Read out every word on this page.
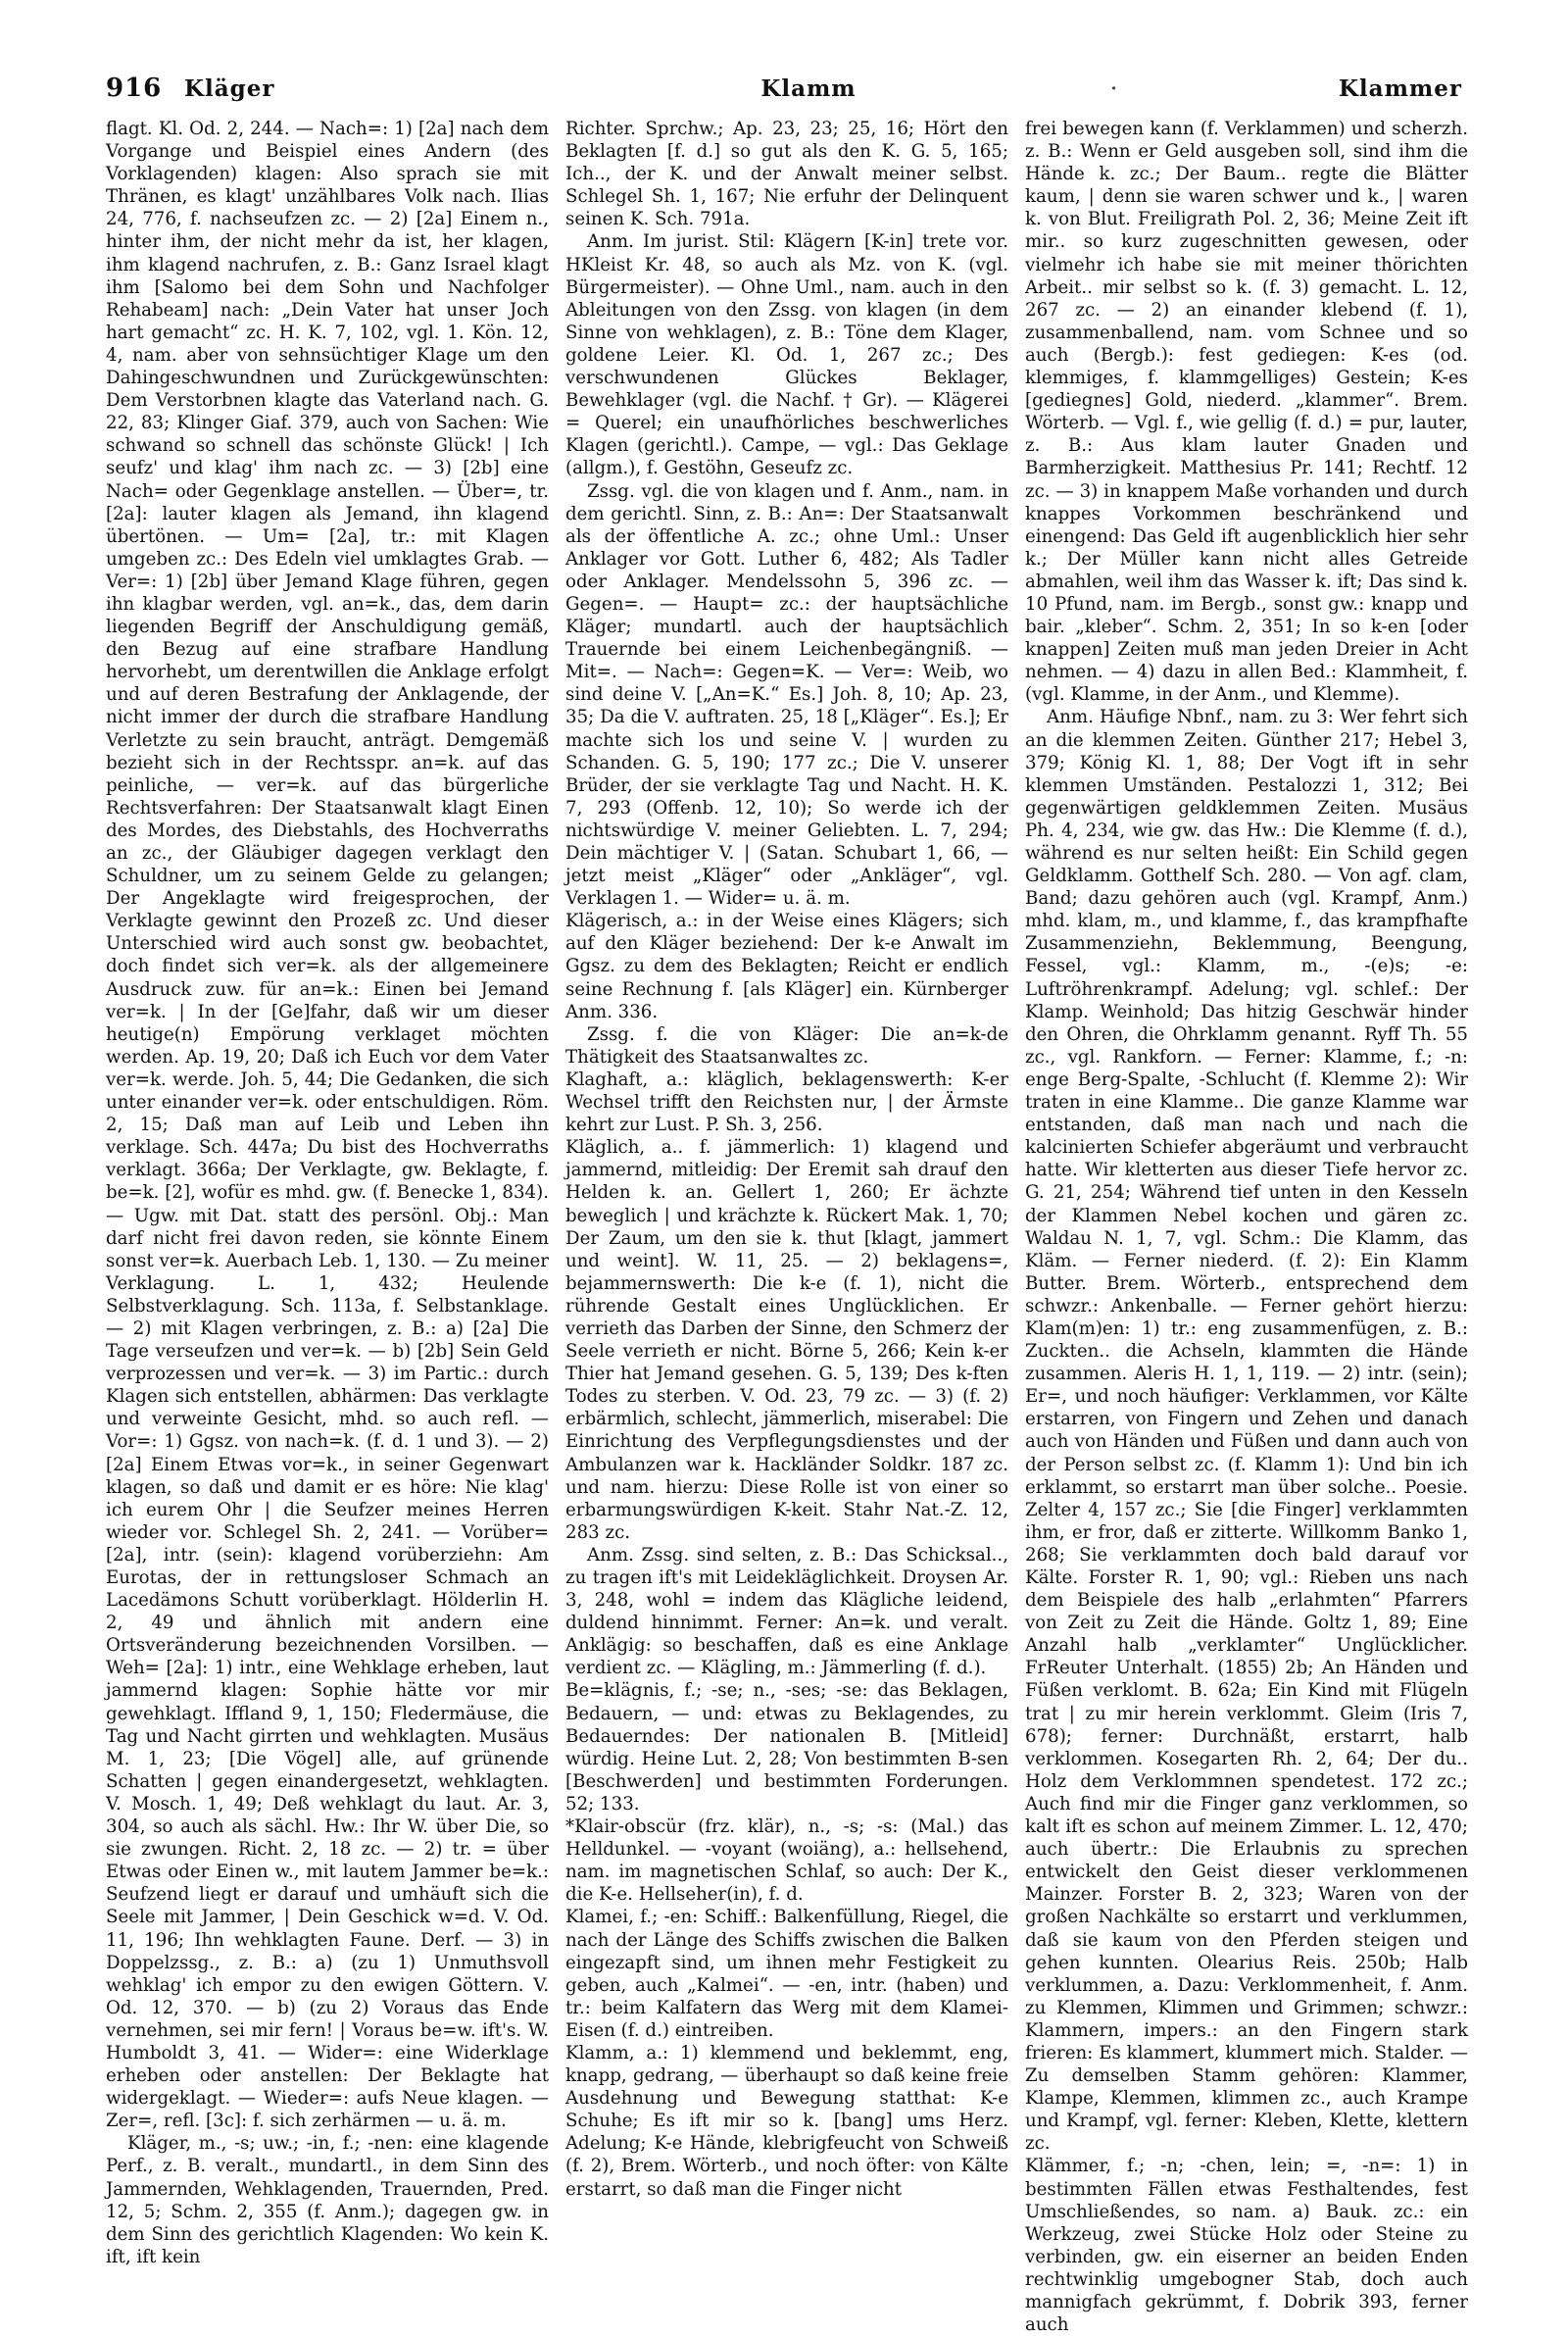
916 Kläger	Klamm	·	Klammer

flagt. Kl. Od. 2, 244. — Nach=: 1) [2a] nach dem Vorgange und Beispiel eines Andern (des Vorklagenden) klagen: Also sprach sie mit Thränen, es klagt' unzählbares Volk nach. Ilias 24, 776, f. nachseufzen zc. — 2) [2a] Einem n., hinter ihm, der nicht mehr da ist, her klagen, ihm klagend nachrufen, z. B.: Ganz Israel klagt ihm [Salomo bei dem Sohn und Nachfolger Rehabeam] nach: „Dein Vater hat unser Joch hart gemacht“ zc. H. K. 7, 102, vgl. 1. Kön. 12, 4, nam. aber von sehnsüchtiger Klage um den Dahingeschwundnen und Zurückgewünschten: Dem Verstorbnen klagte das Vaterland nach. G. 22, 83; Klinger Giaf. 379, auch von Sachen: Wie schwand so schnell das schönste Glück! | Ich seufz' und klag' ihm nach zc. — 3) [2b] eine Nach= oder Gegenklage anstellen. — Über=, tr. [2a]: lauter klagen als Jemand, ihn klagend übertönen. — Um= [2a], tr.: mit Klagen umgeben zc.: Des Edeln viel umklagtes Grab. — Ver=: 1) [2b] über Jemand Klage führen, gegen ihn klagbar werden, vgl. an=k., das, dem darin liegenden Begriff der Anschuldigung gemäß, den Bezug auf eine strafbare Handlung hervorhebt, um derentwillen die Anklage erfolgt und auf deren Bestrafung der Anklagende, der nicht immer der durch die strafbare Handlung Verletzte zu sein braucht, anträgt. Demgemäß bezieht sich in der Rechtsspr. an=k. auf das peinliche, — ver=k. auf das bürgerliche Rechtsverfahren: Der Staatsanwalt klagt Einen des Mordes, des Diebstahls, des Hochverraths an zc., der Gläubiger dagegen verklagt den Schuldner, um zu seinem Gelde zu gelangen; Der Angeklagte wird freigesprochen, der Verklagte gewinnt den Prozeß zc. Und dieser Unterschied wird auch sonst gw. beobachtet, doch findet sich ver=k. als der allgemeinere Ausdruck zuw. für an=k.: Einen bei Jemand ver=k. | In der [Ge]fahr, daß wir um dieser heutige(n) Empörung verklaget möchten werden. Ap. 19, 20; Daß ich Euch vor dem Vater ver=k. werde. Joh. 5, 44; Die Gedanken, die sich unter einander ver=k. oder entschuldigen. Röm. 2, 15; Daß man auf Leib und Leben ihn verklage. Sch. 447a; Du bist des Hochverraths verklagt. 366a; Der Verklagte, gw. Beklagte, f. be=k. [2], wofür es mhd. gw. (f. Benecke 1, 834). — Ugw. mit Dat. statt des persönl. Obj.: Man darf nicht frei davon reden, sie könnte Einem sonst ver=k. Auerbach Leb. 1, 130. — Zu meiner Verklagung. L. 1, 432; Heulende Selbstverklagung. Sch. 113a, f. Selbstanklage. — 2) mit Klagen verbringen, z. B.: a) [2a] Die Tage verseufzen und ver=k. — b) [2b] Sein Geld verprozessen und ver=k. — 3) im Partic.: durch Klagen sich entstellen, abhärmen: Das verklagte und verweinte Gesicht, mhd. so auch refl. — Vor=: 1) Ggsz. von nach=k. (f. d. 1 und 3). — 2) [2a] Einem Etwas vor=k., in seiner Gegenwart klagen, so daß und damit er es höre: Nie klag' ich eurem Ohr | die Seufzer meines Herren wieder vor. Schlegel Sh. 2, 241. — Vorüber= [2a], intr. (sein): klagend vorüberziehn: Am Eurotas, der in rettungsloser Schmach an Lacedämons Schutt vorüberklagt. Hölderlin H. 2, 49 und ähnlich mit andern eine Ortsveränderung bezeichnenden Vorsilben. — Weh= [2a]: 1) intr., eine Wehklage erheben, laut jammernd klagen: Sophie hätte vor mir gewehklagt. Iffland 9, 1, 150; Fledermäuse, die Tag und Nacht girrten und wehklagten. Musäus M. 1, 23; [Die Vögel] alle, auf grünende Schatten | gegen einandergesetzt, wehklagten. V. Mosch. 1, 49; Deß wehklagt du laut. Ar. 3, 304, so auch als sächl. Hw.: Ihr W. über Die, so sie zwungen. Richt. 2, 18 zc. — 2) tr. = über Etwas oder Einen w., mit lautem Jammer be=k.: Seufzend liegt er darauf und umhäuft sich die Seele mit Jammer, | Dein Geschick w=d. V. Od. 11, 196; Ihn wehklagten Faune. Derf. — 3) in Doppelzssg., z. B.: a) (zu 1) Unmuthsvoll wehklag' ich empor zu den ewigen Göttern. V. Od. 12, 370. — b) (zu 2) Voraus das Ende vernehmen, sei mir fern! | Voraus be=w. ift's. W. Humboldt 3, 41. — Wider=: eine Widerklage erheben oder anstellen: Der Beklagte hat widergeklagt. — Wieder=: aufs Neue klagen. — Zer=, refl. [3c]: f. sich zerhärmen — u. ä. m.

Kläger, m., -s; uw.; -in, f.; -nen: eine klagende Perf., z. B. veralt., mundartl., in dem Sinn des Jammernden, Wehklagenden, Trauernden, Pred. 12, 5; Schm. 2, 355 (f. Anm.); dagegen gw. in dem Sinn des gerichtlich Klagenden: Wo kein K. ift, ift kein

Richter. Sprchw.; Ap. 23, 23; 25, 16; Hört den Beklagten [f. d.] so gut als den K. G. 5, 165; Ich.., der K. und der Anwalt meiner selbst. Schlegel Sh. 1, 167; Nie erfuhr der Delinquent seinen K. Sch. 791a.

Anm. Im jurist. Stil: Klägern [K-in] trete vor. HKleist Kr. 48, so auch als Mz. von K. (vgl. Bürgermeister). — Ohne Uml., nam. auch in den Ableitungen von den Zssg. von klagen (in dem Sinne von wehklagen), z. B.: Töne dem Klager, goldene Leier. Kl. Od. 1, 267 zc.; Des verschwundenen Glückes Beklager, Bewehklager (vgl. die Nachf. † Gr). — Klägerei = Querel; ein unaufhörliches beschwerliches Klagen (gerichtl.). Campe, — vgl.: Das Geklage (allgm.), f. Gestöhn, Geseufz zc.

Zssg. vgl. die von klagen und f. Anm., nam. in dem gerichtl. Sinn, z. B.: An=: Der Staatsanwalt als der öffentliche A. zc.; ohne Uml.: Unser Anklager vor Gott. Luther 6, 482; Als Tadler oder Anklager. Mendelssohn 5, 396 zc. — Gegen=. — Haupt= zc.: der hauptsächliche Kläger; mundartl. auch der hauptsächlich Trauernde bei einem Leichenbegängniß. — Mit=. — Nach=: Gegen=K. — Ver=: Weib, wo sind deine V. [„An=K.“ Es.] Joh. 8, 10; Ap. 23, 35; Da die V. auftraten. 25, 18 [„Kläger“. Es.]; Er machte sich los und seine V. | wurden zu Schanden. G. 5, 190; 177 zc.; Die V. unserer Brüder, der sie verklagte Tag und Nacht. H. K. 7, 293 (Offenb. 12, 10); So werde ich der nichtswürdige V. meiner Geliebten. L. 7, 294; Dein mächtiger V. | (Satan. Schubart 1, 66, — jetzt meist „Kläger“ oder „Ankläger“, vgl. Verklagen 1. — Wider= u. ä. m.

Klägerisch, a.: in der Weise eines Klägers; sich auf den Kläger beziehend: Der k-e Anwalt im Ggsz. zu dem des Beklagten; Reicht er endlich seine Rechnung f. [als Kläger] ein. Kürnberger Anm. 336.

Zssg. f. die von Kläger: Die an=k-de Thätigkeit des Staatsanwaltes zc.

Klaghaft, a.: kläglich, beklagenswerth: K-er Wechsel trifft den Reichsten nur, | der Ärmste kehrt zur Lust. P. Sh. 3, 256.

Kläglich, a.. f. jämmerlich: 1) klagend und jammernd, mitleidig: Der Eremit sah drauf den Helden k. an. Gellert 1, 260; Er ächzte beweglich | und krächzte k. Rückert Mak. 1, 70; Der Zaum, um den sie k. thut [klagt, jammert und weint]. W. 11, 25. — 2) beklagens=, bejammernswerth: Die k-e (f. 1), nicht die rührende Gestalt eines Unglücklichen. Er verrieth das Darben der Sinne, den Schmerz der Seele verrieth er nicht. Börne 5, 266; Kein k-er Thier hat Jemand gesehen. G. 5, 139; Des k-ften Todes zu sterben. V. Od. 23, 79 zc. — 3) (f. 2) erbärmlich, schlecht, jämmerlich, miserabel: Die Einrichtung des Verpflegungsdienstes und der Ambulanzen war k. Hackländer Soldkr. 187 zc. und nam. hierzu: Diese Rolle ist von einer so erbarmungswürdigen K-keit. Stahr Nat.-Z. 12, 283 zc.

Anm. Zssg. sind selten, z. B.: Das Schicksal.., zu tragen ift's mit Leidekläglichkeit. Droysen Ar. 3, 248, wohl = indem das Klägliche leidend, duldend hinnimmt. Ferner: An=k. und veralt. Anklägig: so beschaffen, daß es eine Anklage verdient zc. — Klägling, m.: Jämmerling (f. d.).

Be=klägnis, f.; -se; n., -ses; -se: das Beklagen, Bedauern, — und: etwas zu Beklagendes, zu Bedauerndes: Der nationalen B. [Mitleid] würdig. Heine Lut. 2, 28; Von bestimmten B-sen [Beschwerden] und bestimmten Forderungen. 52; 133.

*Klair-obscür (frz. klär), n., -s; -s: (Mal.) das Helldunkel. — -voyant (woiäng), a.: hellsehend, nam. im magnetischen Schlaf, so auch: Der K., die K-e. Hellseher(in), f. d.

Klamei, f.; -en: Schiff.: Balkenfüllung, Riegel, die nach der Länge des Schiffs zwischen die Balken eingezapft sind, um ihnen mehr Festigkeit zu geben, auch „Kalmei“. — -en, intr. (haben) und tr.: beim Kalfatern das Werg mit dem Klamei-Eisen (f. d.) eintreiben.

Klamm, a.: 1) klemmend und beklemmt, eng, knapp, gedrang, — überhaupt so daß keine freie Ausdehnung und Bewegung statthat: K-e Schuhe; Es ift mir so k. [bang] ums Herz. Adelung; K-e Hände, klebrigfeucht von Schweiß (f. 2), Brem. Wörterb., und noch öfter: von Kälte erstarrt, so daß man die Finger nicht

frei bewegen kann (f. Verklammen) und scherzh. z. B.: Wenn er Geld ausgeben soll, sind ihm die Hände k. zc.; Der Baum.. regte die Blätter kaum, | denn sie waren schwer und k., | waren k. von Blut. Freiligrath Pol. 2, 36; Meine Zeit ift mir.. so kurz zugeschnitten gewesen, oder vielmehr ich habe sie mit meiner thörichten Arbeit.. mir selbst so k. (f. 3) gemacht. L. 12, 267 zc. — 2) an einander klebend (f. 1), zusammenballend, nam. vom Schnee und so auch (Bergb.): fest gediegen: K-es (od. klemmiges, f. klammgelliges) Gestein; K-es [gediegnes] Gold, niederd. „klammer“. Brem. Wörterb. — Vgl. f., wie gellig (f. d.) = pur, lauter, z. B.: Aus klam lauter Gnaden und Barmherzigkeit. Matthesius Pr. 141; Rechtf. 12 zc. — 3) in knappem Maße vorhanden und durch knappes Vorkommen beschränkend und einengend: Das Geld ift augenblicklich hier sehr k.; Der Müller kann nicht alles Getreide abmahlen, weil ihm das Wasser k. ift; Das sind k. 10 Pfund, nam. im Bergb., sonst gw.: knapp und bair. „kleber“. Schm. 2, 351; In so k-en [oder knappen] Zeiten muß man jeden Dreier in Acht nehmen. — 4) dazu in allen Bed.: Klammheit, f. (vgl. Klamme, in der Anm., und Klemme).

Anm. Häufige Nbnf., nam. zu 3: Wer fehrt sich an die klemmen Zeiten. Günther 217; Hebel 3, 379; König Kl. 1, 88; Der Vogt ift in sehr klemmen Umständen. Pestalozzi 1, 312; Bei gegenwärtigen geldklemmen Zeiten. Musäus Ph. 4, 234, wie gw. das Hw.: Die Klemme (f. d.), während es nur selten heißt: Ein Schild gegen Geldklamm. Gotthelf Sch. 280. — Von agf. clam, Band; dazu gehören auch (vgl. Krampf, Anm.) mhd. klam, m., und klamme, f., das krampfhafte Zusammenziehn, Beklemmung, Beengung, Fessel, vgl.: Klamm, m., -(e)s; -e: Luftröhrenkrampf. Adelung; vgl. schlef.: Der Klamp. Weinhold; Das hitzig Geschwär hinder den Ohren, die Ohrklamm genannt. Ryff Th. 55 zc., vgl. Rankforn. — Ferner: Klamme, f.; -n: enge Berg-Spalte, -Schlucht (f. Klemme 2): Wir traten in eine Klamme.. Die ganze Klamme war entstanden, daß man nach und nach die kalcinierten Schiefer abgeräumt und verbraucht hatte. Wir kletterten aus dieser Tiefe hervor zc. G. 21, 254; Während tief unten in den Kesseln der Klammen Nebel kochen und gären zc. Waldau N. 1, 7, vgl. Schm.: Die Klamm, das Kläm. — Ferner niederd. (f. 2): Ein Klamm Butter. Brem. Wörterb., entsprechend dem schwzr.: Ankenballe. — Ferner gehört hierzu: Klam(m)en: 1) tr.: eng zusammenfügen, z. B.: Zuckten.. die Achseln, klammten die Hände zusammen. Aleris H. 1, 1, 119. — 2) intr. (sein); Er=, und noch häufiger: Verklammen, vor Kälte erstarren, von Fingern und Zehen und danach auch von Händen und Füßen und dann auch von der Person selbst zc. (f. Klamm 1): Und bin ich erklammt, so erstarrt man über solche.. Poesie. Zelter 4, 157 zc.; Sie [die Finger] verklammten ihm, er fror, daß er zitterte. Willkomm Banko 1, 268; Sie verklammten doch bald darauf vor Kälte. Forster R. 1, 90; vgl.: Rieben uns nach dem Beispiele des halb „erlahmten“ Pfarrers von Zeit zu Zeit die Hände. Goltz 1, 89; Eine Anzahl halb „verklamter“ Unglücklicher. FrReuter Unterhalt. (1855) 2b; An Händen und Füßen verklomt. B. 62a; Ein Kind mit Flügeln trat | zu mir herein verklommt. Gleim (Iris 7, 678); ferner: Durchnäßt, erstarrt, halb verklommen. Kosegarten Rh. 2, 64; Der du.. Holz dem Verklommnen spendetest. 172 zc.; Auch find mir die Finger ganz verklommen, so kalt ift es schon auf meinem Zimmer. L. 12, 470; auch übertr.: Die Erlaubnis zu sprechen entwickelt den Geist dieser verklommenen Mainzer. Forster B. 2, 323; Waren von der großen Nachkälte so erstarrt und verklummen, daß sie kaum von den Pferden steigen und gehen kunnten. Olearius Reis. 250b; Halb verklummen, a. Dazu: Verklommenheit, f. Anm. zu Klemmen, Klimmen und Grimmen; schwzr.: Klammern, impers.: an den Fingern stark frieren: Es klammert, klummert mich. Stalder. — Zu demselben Stamm gehören: Klammer, Klampe, Klemmen, klimmen zc., auch Krampe und Krampf, vgl. ferner: Kleben, Klette, klettern zc.

Klämmer, f.; -n; -chen, lein; =, -n=: 1) in bestimmten Fällen etwas Festhaltendes, fest Umschließendes, so nam. a) Bauk. zc.: ein Werkzeug, zwei Stücke Holz oder Steine zu verbinden, gw. ein eiserner an beiden Enden rechtwinklig umgebogner Stab, doch auch mannigfach gekrümmt, f. Dobrik 393, ferner auch
